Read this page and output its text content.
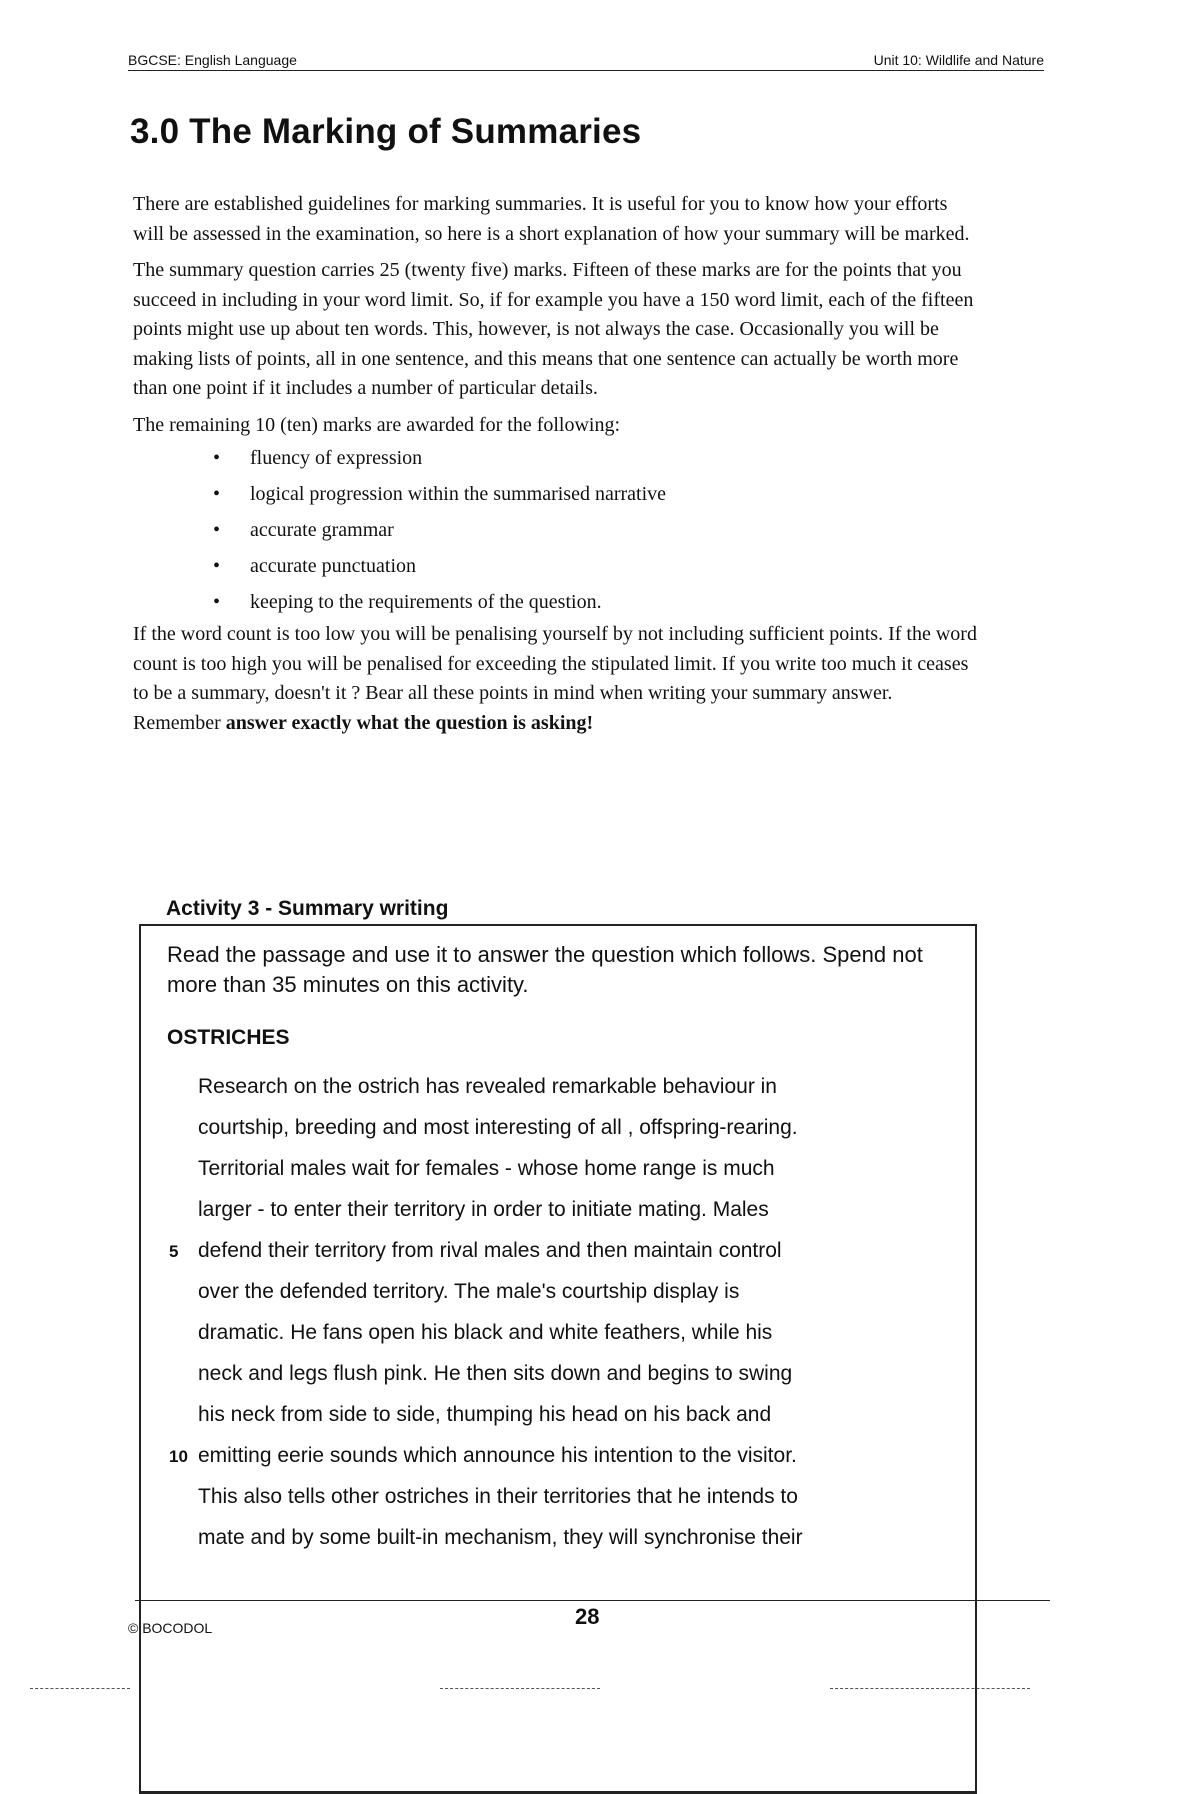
BGCSE: English Language	Unit 10: Wildlife and Nature
3.0 The Marking of Summaries

There are established guidelines for marking summaries. It is useful for you to know how your efforts will be assessed in the examination, so here is a short explanation of how your summary will be marked.

The summary question carries 25 (twenty five) marks. Fifteen of these marks are for the points that you succeed in including in your word limit. So, if for example you have a 150 word limit, each of the fifteen points might use up about ten words. This, however, is not always the case. Occasionally you will be making lists of points, all in one sentence, and this means that one sentence can actually be worth more than one point if it includes a number of particular details.

The remaining 10 (ten) marks are awarded for the following:

• fluency of expression
• logical progression within the summarised narrative
• accurate grammar
• accurate punctuation
• keeping to the requirements of the question.

If the word count is too low you will be penalising yourself by not including sufficient points. If the word count is too high you will be penalised for exceeding the stipulated limit. If you write too much it ceases to be a summary, doesn't it ? Bear all these points in mind when writing your summary answer. Remember answer exactly what the question is asking!

Activity 3 - Summary writing

Read the passage and use it to answer the question which follows. Spend not more than 35 minutes on this activity.

OSTRICHES
Research on the ostrich has revealed remarkable behaviour in
courtship, breeding and most interesting of all , offspring-rearing.
Territorial males wait for females - whose home range is much
larger - to enter their territory in order to initiate mating. Males
5 defend their territory from rival males and then maintain control
over the defended territory. The male's courtship display is
dramatic. He fans open his black and white feathers, while his
neck and legs flush pink. He then sits down and begins to swing
his neck from side to side, thumping his head on his back and
10 emitting eerie sounds which announce his intention to the visitor.
This also tells other ostriches in their territories that he intends to
mate and by some built-in mechanism, they will synchronise their
© BOCODOL	28
